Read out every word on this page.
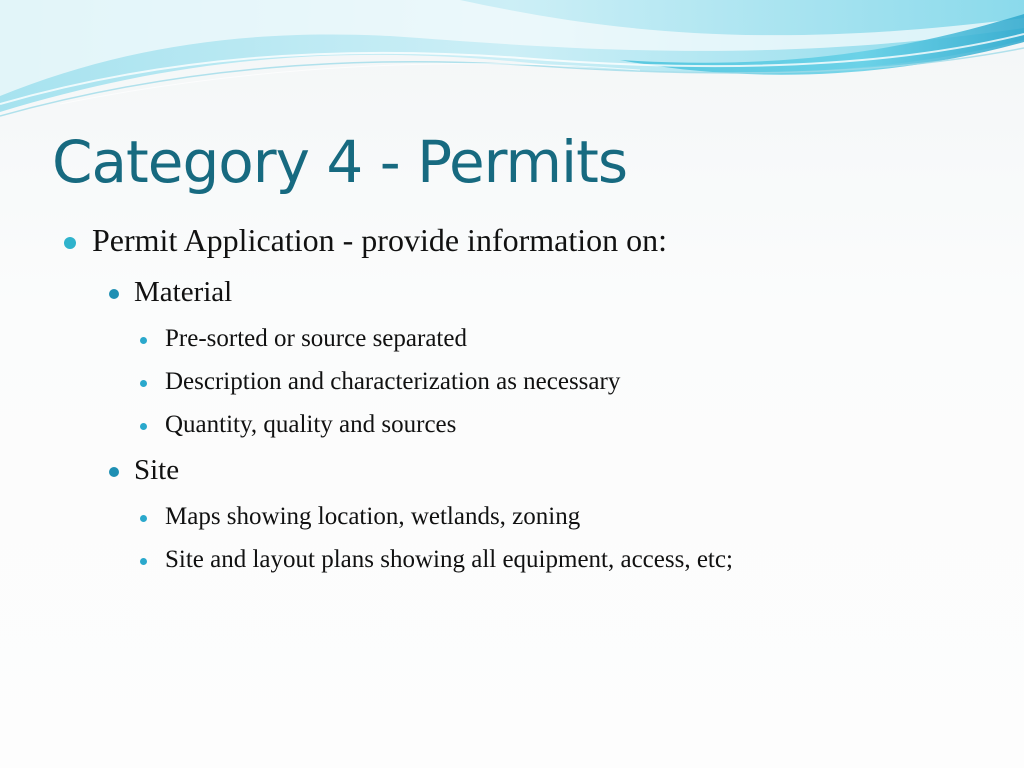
Category 4 - Permits
Permit Application - provide information on:
Material
Pre-sorted or source separated
Description and characterization as necessary
Quantity, quality and sources
Site
Maps showing location, wetlands, zoning
Site and layout plans showing all equipment, access, etc;
